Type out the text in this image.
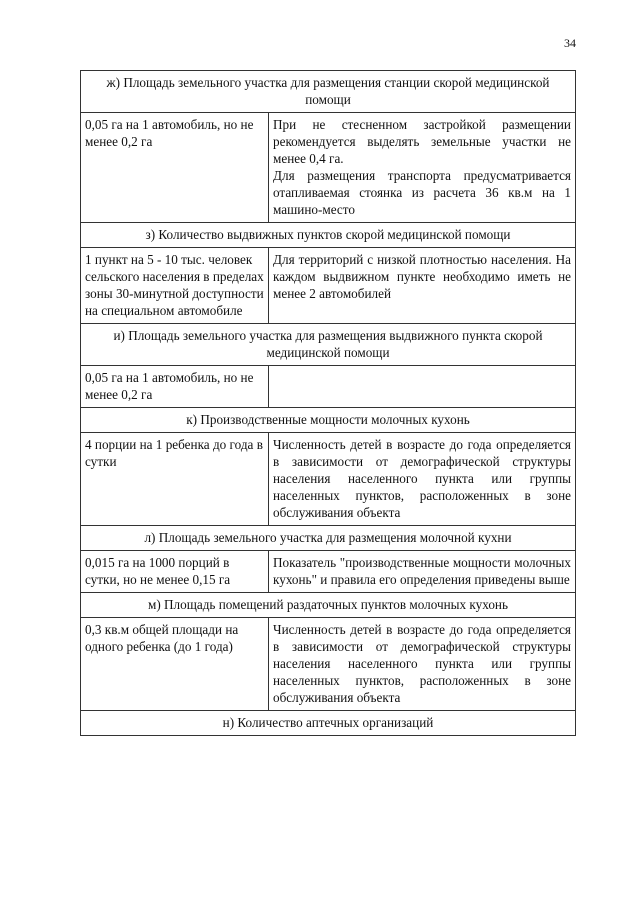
34
ж) Площадь земельного участка для размещения станции скорой медицинской помощи	
0,05 га на 1 автомобиль, но не менее 0,2 га	При не стесненном застройкой размещении рекомендуется выделять земельные участки не менее 0,4 га.
Для размещения транспорта предусматривается отапливаемая стоянка из расчета 36 кв.м на 1 машино-место

з) Количество выдвижных пунктов скорой медицинской помощи	
1 пункт на 5 - 10 тыс. человек сельского населения в пределах зоны 30-минутной доступности на специальном автомобиле	Для территорий с низкой плотностью населения. На каждом выдвижном пункте необходимо иметь не менее 2 автомобилей

и) Площадь земельного участка для размещения выдвижного пункта скорой медицинской помощи	
0,05 га на 1 автомобиль, но не менее 0,2 га	
к) Производственные мощности молочных кухонь	
4 порции на 1 ребенка до года в сутки	Численность детей в возрасте до года определяется в зависимости от демографической структуры населения населенного пункта или группы населенных пунктов, расположенных в зоне обслуживания объекта

л) Площадь земельного участка для размещения молочной кухни	
0,015 га на 1000 порций в сутки, но не менее 0,15 га	Показатель "производственные мощности молочных кухонь" и правила его определения приведены выше

м) Площадь помещений раздаточных пунктов молочных кухонь	
0,3 кв.м общей площади на одного ребенка (до 1 года)	Численность детей в возрасте до года определяется в зависимости от демографической структуры населения населенного пункта или группы населенных пунктов, расположенных в зоне обслуживания объекта

н) Количество аптечных организаций	
